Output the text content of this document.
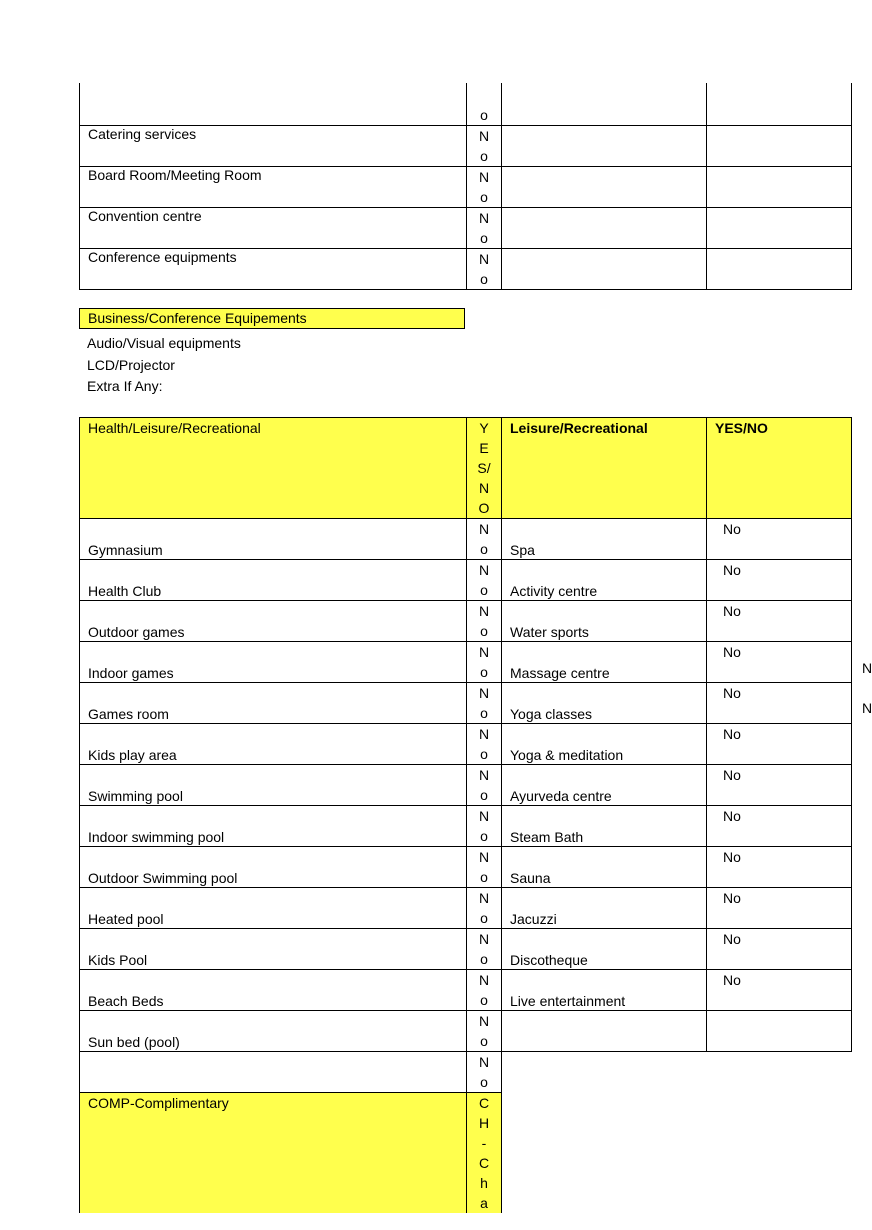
	o		

Catering services	No		

Board Room/Meeting Room	No		

Convention centre	No		

Conference equipments	No		

Business/Conference Equipements
Audio/Visual equipments
LCD/Projector
Extra If Any:
Health/Leisure/Recreational	YES/NO	Leisure/Recreational	YES/NO

Gymnasium	No	Spa	No

Health Club	No	Activity centre	No

Outdoor games	No	Water sports	No

Indoor games	No	Massage centre	No

Games room	No	Yoga classes	No

Kids play area	No	Yoga & meditation	No

Swimming pool	No	Ayurveda centre	No

Indoor swimming pool	No	Steam Bath	No

Outdoor Swimming pool	No	Sauna	No

Heated pool	No	Jacuzzi	No

Kids Pool	No	Discotheque	No

Beach Beds	No	Live entertainment	No

Sun bed (pool)	No		

	No		

COMP-Complimentary	CH-Cha		

N
N
